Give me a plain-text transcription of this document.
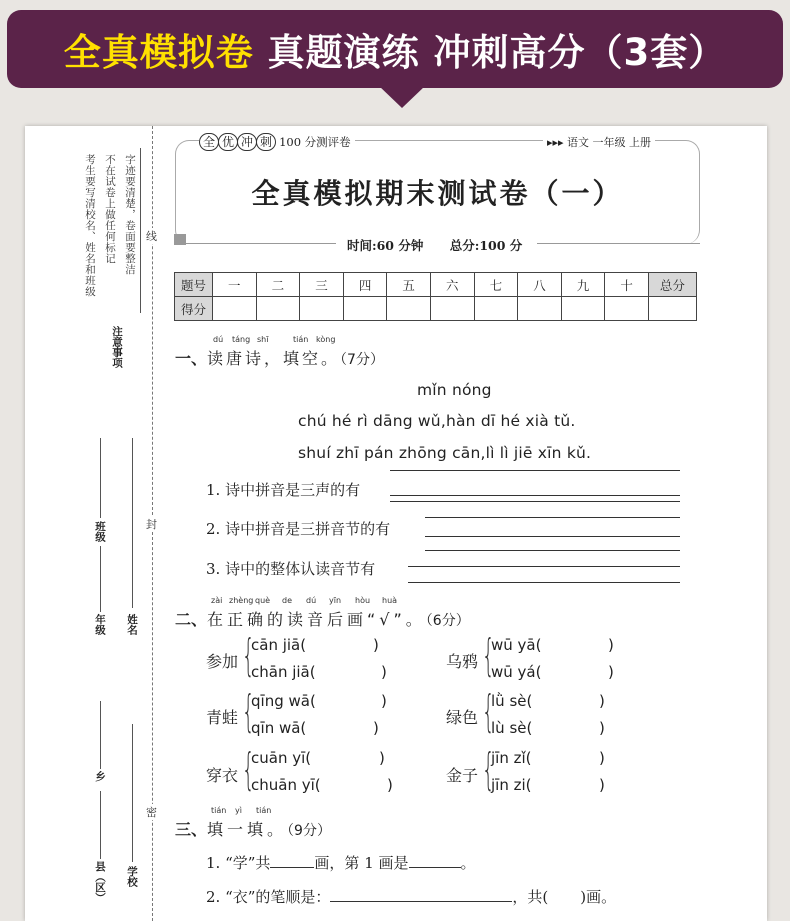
全真模拟卷 真题演练 冲刺高分（3套）
考生要写清校名、姓名和班级 不在试卷上做任何标记 字迹要清楚，卷面要整洁
注意事项
班级
年级 姓名
乡
县（区） 学校
线
封
密
全 优 冲 刺 100 分测评卷	▸▸▸ 语文 一年级 上册
全真模拟期末测试卷（一）
时间:60 分钟 总分:100 分
题号	一	二	三	四	五	六	七	八	九	十	总分
得分											
dú táng shī	tián kòng
一、读唐诗，填空。（7分）
mǐn nóng
chú hé rì dāng wǔ,hàn dī hé xià tǔ.
shuí zhī pán zhōng cān,lì lì jiē xīn kǔ.
1. 诗中拼音是三声的有
2. 诗中拼音是三拼音节的有
3. 诗中的整体认读音节有
zài zhèng què de dú yīn hòu huà
二、在正确的读音后画“√”。（6分）
参加 {
cān jiā(	)
chān jiā(	)
乌鸦 {
wū yā(	)
wū yá(	)
青蛙 {
qīng wā(	)
qīn wā(	)
绿色 {
lǜ sè(	)
lù sè(	)
穿衣 {
cuān yī(	)
chuān yī(	)	金子 {
jīn zǐ(	)
jīn zi(	)
tián yì tián
三、填一填。（9分）
1. “学”共	画，第 1 画是	。
2. “衣”的笔顺是：	，共( )画。
